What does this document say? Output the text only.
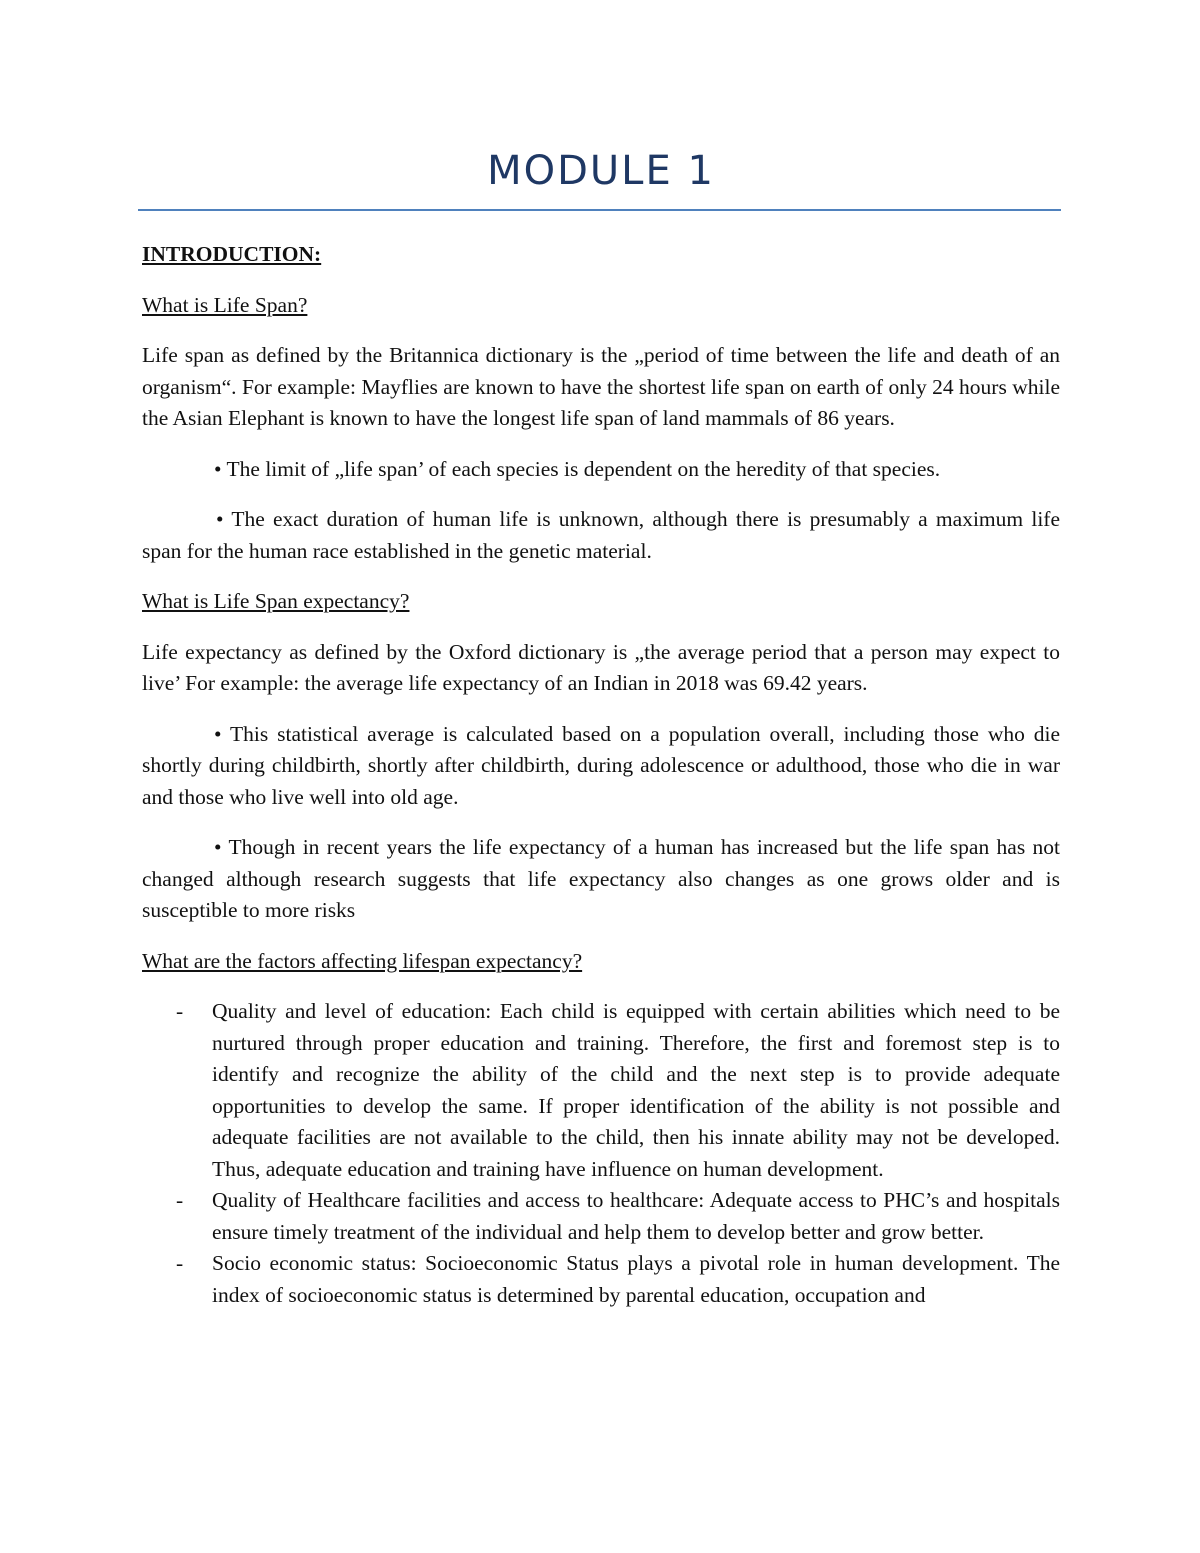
MODULE 1

INTRODUCTION:

What is Life Span?

Life span as defined by the Britannica dictionary is the „period of time between the life and death of an organism“. For example: Mayflies are known to have the shortest life span on earth of only 24 hours while the Asian Elephant is known to have the longest life span of land mammals of 86 years.

• The limit of „life span’ of each species is dependent on the heredity of that species.

• The exact duration of human life is unknown, although there is presumably a maximum life span for the human race established in the genetic material.

What is Life Span expectancy?

Life expectancy as defined by the Oxford dictionary is „the average period that a person may expect to live’ For example: the average life expectancy of an Indian in 2018 was 69.42 years.

• This statistical average is calculated based on a population overall, including those who die shortly during childbirth, shortly after childbirth, during adolescence or adulthood, those who die in war and those who live well into old age.

• Though in recent years the life expectancy of a human has increased but the life span has not changed although research suggests that life expectancy also changes as one grows older and is susceptible to more risks

What are the factors affecting lifespan expectancy?

- Quality and level of education: Each child is equipped with certain abilities which need to be nurtured through proper education and training. Therefore, the first and foremost step is to identify and recognize the ability of the child and the next step is to provide adequate opportunities to develop the same. If proper identification of the ability is not possible and adequate facilities are not available to the child, then his innate ability may not be developed. Thus, adequate education and training have influence on human development.
- Quality of Healthcare facilities and access to healthcare: Adequate access to PHC’s and hospitals ensure timely treatment of the individual and help them to develop better and grow better.
- Socio economic status: Socioeconomic Status plays a pivotal role in human development. The index of socioeconomic status is determined by parental education, occupation and
